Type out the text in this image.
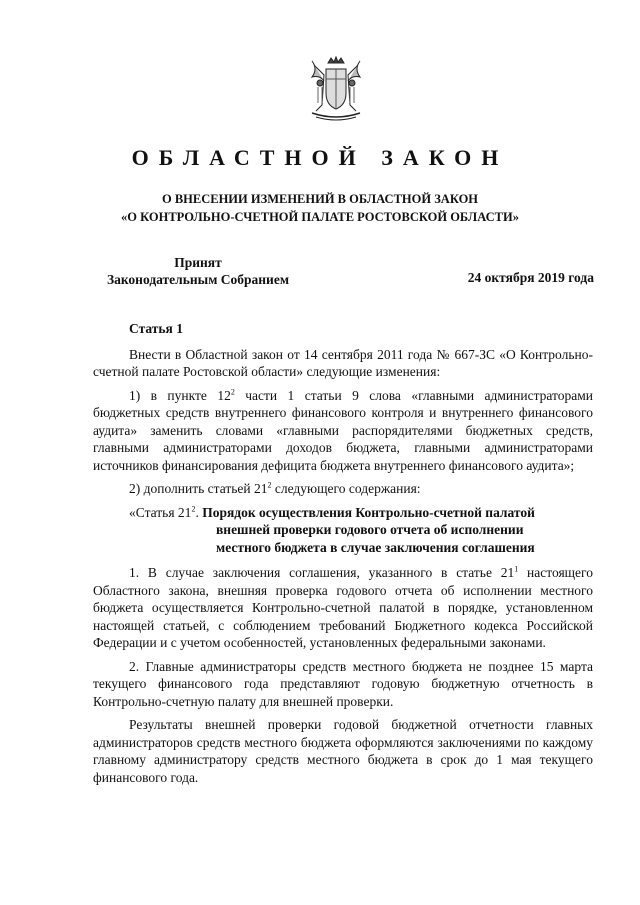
ОБЛАСТНОЙ ЗАКОН
О ВНЕСЕНИИ ИЗМЕНЕНИЙ В ОБЛАСТНОЙ ЗАКОН
«О КОНТРОЛЬНО-СЧЕТНОЙ ПАЛАТЕ РОСТОВСКОЙ ОБЛАСТИ»
Принят
Законодательным Собранием	24 октября 2019 года

Статья 1

Внести в Областной закон от 14 сентября 2011 года № 667-ЗС «О Контрольно-счетной палате Ростовской области» следующие изменения:

1) в пункте $12^2$ части 1 статьи 9 слова «главными администраторами бюджетных средств внутреннего финансового контроля и внутреннего финансового аудита» заменить словами «главными распорядителями бюджетных средств, главными администраторами доходов бюджета, главными администраторами источников финансирования дефицита бюджета внутреннего финансового аудита»;

2) дополнить статьей $21^2$ следующего содержания:

«Статья $21^2$. Порядок осуществления Контрольно-счетной палатой
внешней проверки годового отчета об исполнении
местного бюджета в случае заключения соглашения

1. В случае заключения соглашения, указанного в статье $21^1$ настоящего Областного закона, внешняя проверка годового отчета об исполнении местного бюджета осуществляется Контрольно-счетной палатой в порядке, установленном настоящей статьей, с соблюдением требований Бюджетного кодекса Российской Федерации и с учетом особенностей, установленных федеральными законами.

2. Главные администраторы средств местного бюджета не позднее 15 марта текущего финансового года представляют годовую бюджетную отчетность в Контрольно-счетную палату для внешней проверки.

Результаты внешней проверки годовой бюджетной отчетности главных администраторов средств местного бюджета оформляются заключениями по каждому главному администратору средств местного бюджета в срок до 1 мая текущего финансового года.
